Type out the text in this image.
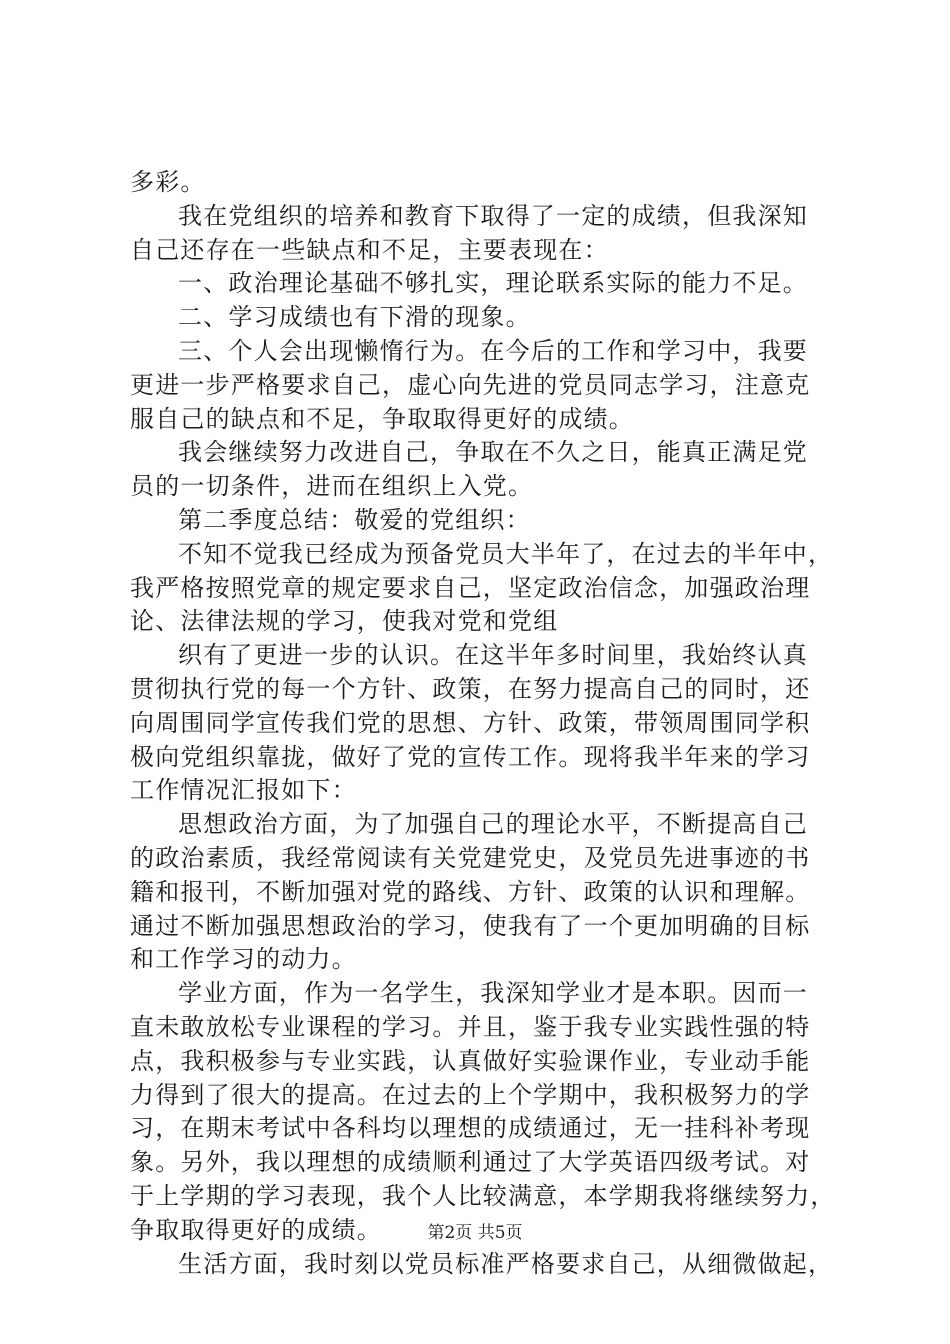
多彩。
我在党组织的培养和教育下取得了一定的成绩，但我深知
自己还存在一些缺点和不足，主要表现在：
一、政治理论基础不够扎实，理论联系实际的能力不足。
二、学习成绩也有下滑的现象。
三、个人会出现懒惰行为。在今后的工作和学习中，我要
更进一步严格要求自己，虚心向先进的党员同志学习，注意克
服自己的缺点和不足，争取取得更好的成绩。
我会继续努力改进自己，争取在不久之日，能真正满足党
员的一切条件，进而在组织上入党。
第二季度总结：敬爱的党组织：
不知不觉我已经成为预备党员大半年了，在过去的半年中，
我严格按照党章的规定要求自己，坚定政治信念，加强政治理
论、法律法规的学习，使我对党和党组
织有了更进一步的认识。在这半年多时间里，我始终认真
贯彻执行党的每一个方针、政策，在努力提高自己的同时，还
向周围同学宣传我们党的思想、方针、政策，带领周围同学积
极向党组织靠拢，做好了党的宣传工作。现将我半年来的学习
工作情况汇报如下：
思想政治方面，为了加强自己的理论水平，不断提高自己
的政治素质，我经常阅读有关党建党史，及党员先进事迹的书
籍和报刊，不断加强对党的路线、方针、政策的认识和理解。
通过不断加强思想政治的学习，使我有了一个更加明确的目标
和工作学习的动力。
学业方面，作为一名学生，我深知学业才是本职。因而一
直未敢放松专业课程的学习。并且，鉴于我专业实践性强的特
点，我积极参与专业实践，认真做好实验课作业，专业动手能
力得到了很大的提高。在过去的上个学期中，我积极努力的学
习，在期末考试中各科均以理想的成绩通过，无一挂科补考现
象。另外，我以理想的成绩顺利通过了大学英语四级考试。对
于上学期的学习表现，我个人比较满意，本学期我将继续努力，
争取取得更好的成绩。
生活方面，我时刻以党员标准严格要求自己，从细微做起，
第2页 共5页
